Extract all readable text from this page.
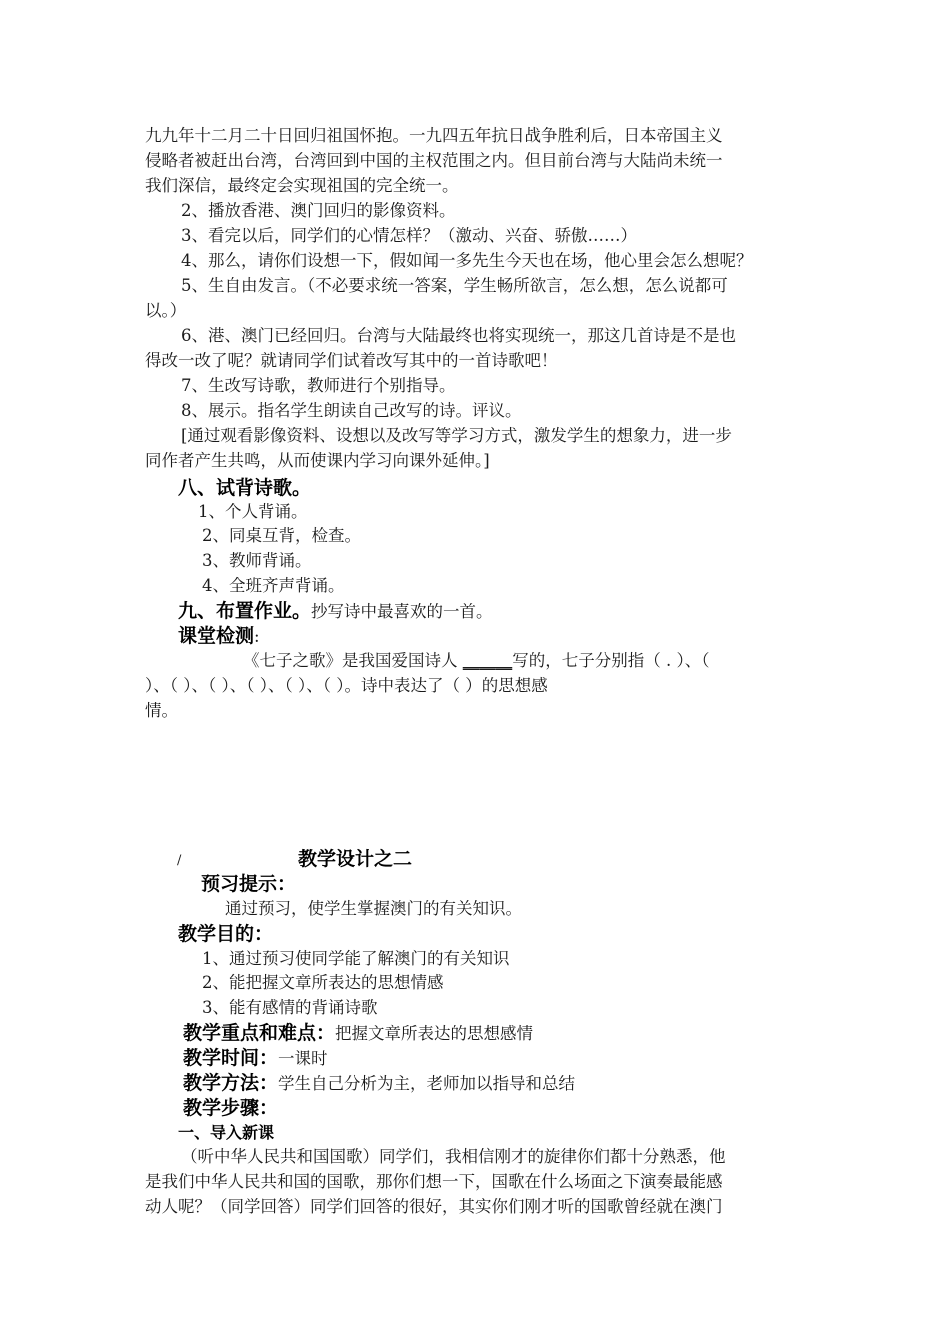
九九年十二月二十日回归祖国怀抱。一九四五年抗日战争胜利后，日本帝国主义
侵略者被赶出台湾，台湾回到中国的主权范围之内。但目前台湾与大陆尚未统一
我们深信，最终定会实现祖国的完全统一。
2、播放香港、澳门回归的影像资料。
3、看完以后，同学们的心情怎样？（激动、兴奋、骄傲……）
4、那么，请你们设想一下，假如闻一多先生今天也在场，他心里会怎么想呢？
5、生自由发言。（不必要求统一答案，学生畅所欲言，怎么想，怎么说都可
以。）
6、港、澳门已经回归。台湾与大陆最终也将实现统一，那这几首诗是不是也
得改一改了呢？就请同学们试着改写其中的一首诗歌吧！
7、生改写诗歌，教师进行个别指导。
8、展示。指名学生朗读自己改写的诗。评议。
[通过观看影像资料、设想以及改写等学习方式，激发学生的想象力，进一步
同作者产生共鸣，从而使课内学习向课外延伸。]
八、试背诗歌。
1、个人背诵。
2、同桌互背，检查。
3、教师背诵。
4、全班齐声背诵。
九、布置作业。抄写诗中最喜欢的一首。
课堂检测:
《七子之歌》是我国爱国诗人 ______写的，七子分别指（ . ）、（
）、（ ）、（ ）、（ ）、（ ）、（ ）。诗中表达了（ ）的思想感
情。
/	教学设计之二
预习提示：
通过预习，使学生掌握澳门的有关知识。
教学目的：
1、通过预习使同学能了解澳门的有关知识
2、能把握文章所表达的思想情感
3、能有感情的背诵诗歌
教学重点和难点：把握文章所表达的思想感情
教学时间：一课时
教学方法：学生自己分析为主，老师加以指导和总结
教学步骤：
一、导入新课
（听中华人民共和国国歌）同学们，我相信刚才的旋律你们都十分熟悉，他
是我们中华人民共和国的国歌，那你们想一下，国歌在什么场面之下演奏最能感
动人呢？（同学回答）同学们回答的很好，其实你们刚才听的国歌曾经就在澳门
